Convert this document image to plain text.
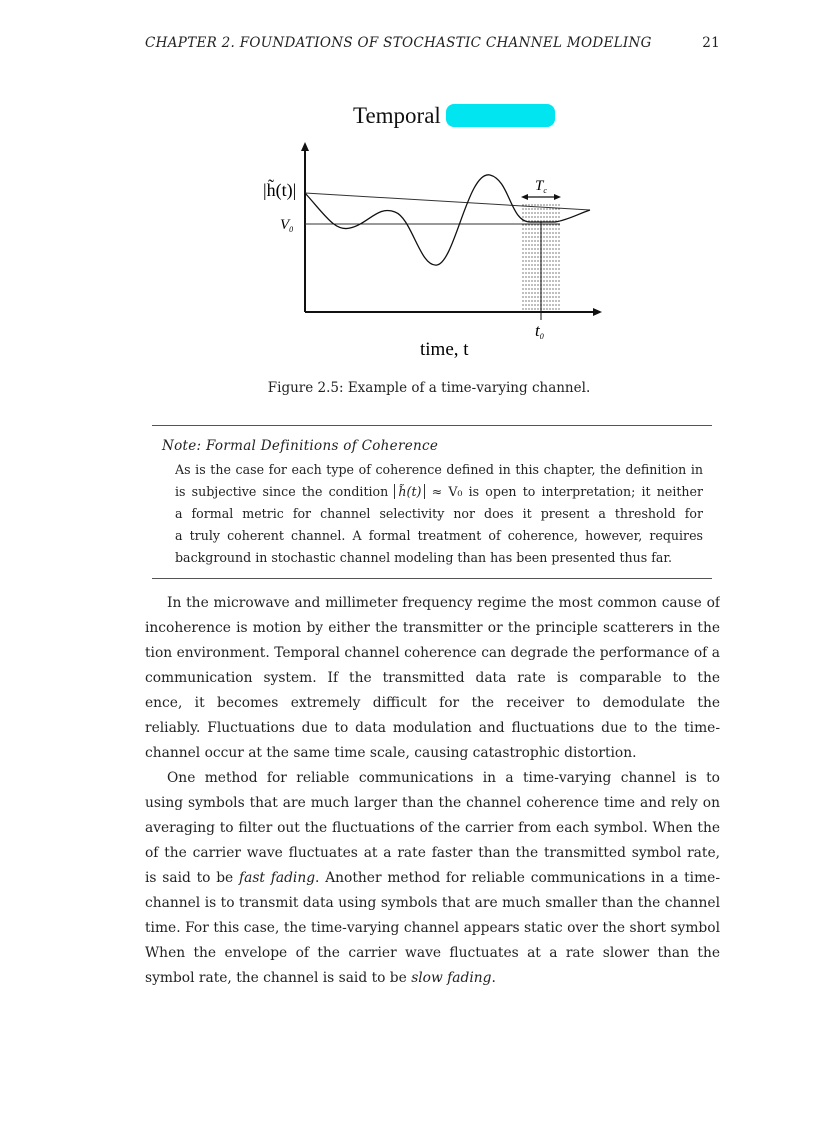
CHAPTER 2. FOUNDATIONS OF STOCHASTIC CHANNEL MODELING	21
Temporal
$T_c$
|h̃(t)|
$V_0$
t0
time, t
Figure 2.5: Example of a time-varying channel.
Note: Formal Definitions of Coherence
As is the case for each type of coherence defined in this chapter, the definition in
is subjective since the condition h̃(t) ≈ V₀ is open to interpretation; it neither
a formal metric for channel selectivity nor does it present a threshold for
a truly coherent channel. A formal treatment of coherence, however, requires
background in stochastic channel modeling than has been presented thus far.
In the microwave and millimeter frequency regime the most common cause of
incoherence is motion by either the transmitter or the principle scatterers in the
tion environment. Temporal channel coherence can degrade the performance of a
communication system. If the transmitted data rate is comparable to the
ence, it becomes extremely difficult for the receiver to demodulate the
reliably. Fluctuations due to data modulation and fluctuations due to the time-
channel occur at the same time scale, causing catastrophic distortion.
One method for reliable communications in a time-varying channel is to
using symbols that are much larger than the channel coherence time and rely on
averaging to filter out the fluctuations of the carrier from each symbol. When the
of the carrier wave fluctuates at a rate faster than the transmitted symbol rate,
is said to be fast fading. Another method for reliable communications in a time-
channel is to transmit data using symbols that are much smaller than the channel
time. For this case, the time-varying channel appears static over the short symbol
When the envelope of the carrier wave fluctuates at a rate slower than the
symbol rate, the channel is said to be slow fading.
